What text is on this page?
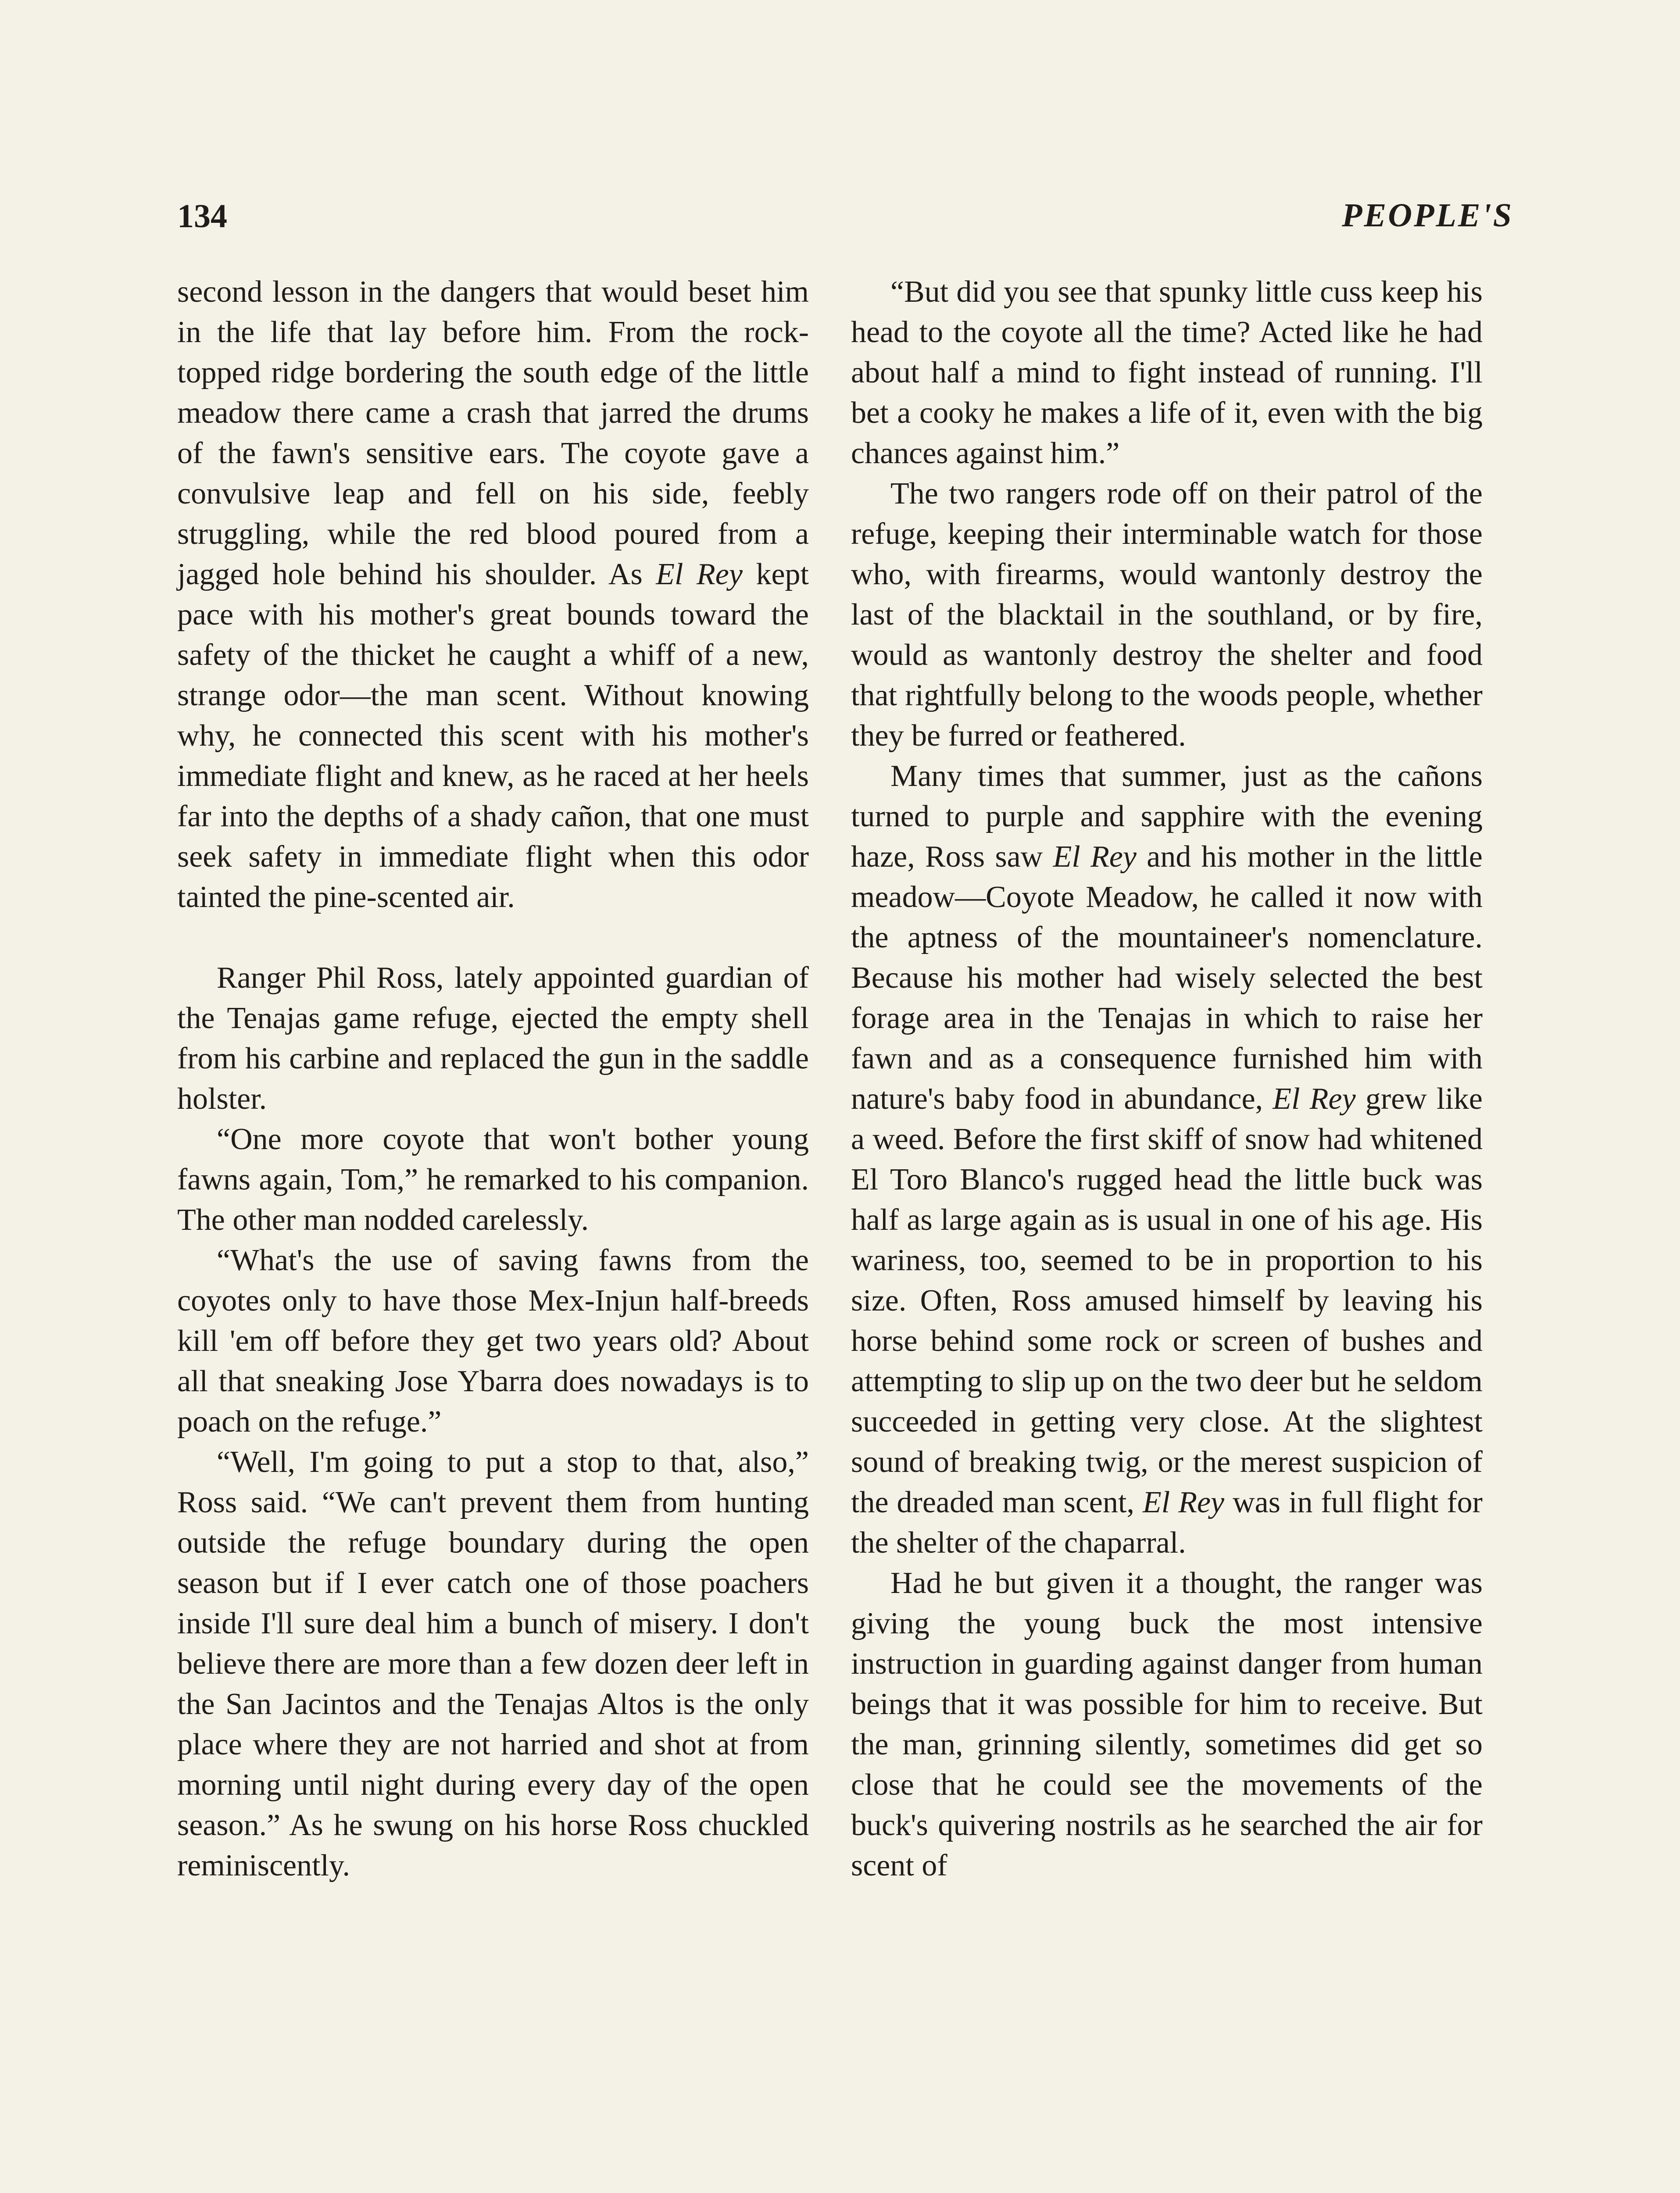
134	PEOPLE'S

second lesson in the dangers that would beset him in the life that lay before him. From the rock-topped ridge bordering the south edge of the little meadow there came a crash that jarred the drums of the fawn's sensitive ears. The coyote gave a convulsive leap and fell on his side, feebly struggling, while the red blood poured from a jagged hole behind his shoulder. As El Rey kept pace with his mother's great bounds toward the safety of the thicket he caught a whiff of a new, strange odor—the man scent. Without knowing why, he connected this scent with his mother's immediate flight and knew, as he raced at her heels far into the depths of a shady cañon, that one must seek safety in immediate flight when this odor tainted the pine-scented air.

Ranger Phil Ross, lately appointed guardian of the Tenajas game refuge, ejected the empty shell from his carbine and replaced the gun in the saddle holster.

“One more coyote that won't bother young fawns again, Tom,” he remarked to his companion. The other man nodded carelessly.

“What's the use of saving fawns from the coyotes only to have those Mex-Injun half-breeds kill 'em off before they get two years old? About all that sneaking Jose Ybarra does nowadays is to poach on the refuge.”

“Well, I'm going to put a stop to that, also,” Ross said. “We can't prevent them from hunting outside the refuge boundary during the open season but if I ever catch one of those poachers inside I'll sure deal him a bunch of misery. I don't believe there are more than a few dozen deer left in the San Jacintos and the Tenajas Altos is the only place where they are not harried and shot at from morning until night during every day of the open season.” As he swung on his horse Ross chuckled reminiscently.

“But did you see that spunky little cuss keep his head to the coyote all the time? Acted like he had about half a mind to fight instead of running. I'll bet a cooky he makes a life of it, even with the big chances against him.”

The two rangers rode off on their patrol of the refuge, keeping their interminable watch for those who, with firearms, would wantonly destroy the last of the blacktail in the southland, or by fire, would as wantonly destroy the shelter and food that rightfully belong to the woods people, whether they be furred or feathered.

Many times that summer, just as the cañons turned to purple and sapphire with the evening haze, Ross saw El Rey and his mother in the little meadow—Coyote Meadow, he called it now with the aptness of the mountaineer's nomenclature. Because his mother had wisely selected the best forage area in the Tenajas in which to raise her fawn and as a consequence furnished him with nature's baby food in abundance, El Rey grew like a weed. Before the first skiff of snow had whitened El Toro Blanco's rugged head the little buck was half as large again as is usual in one of his age. His wariness, too, seemed to be in proportion to his size. Often, Ross amused himself by leaving his horse behind some rock or screen of bushes and attempting to slip up on the two deer but he seldom succeeded in getting very close. At the slightest sound of breaking twig, or the merest suspicion of the dreaded man scent, El Rey was in full flight for the shelter of the chaparral.

Had he but given it a thought, the ranger was giving the young buck the most intensive instruction in guarding against danger from human beings that it was possible for him to receive. But the man, grinning silently, sometimes did get so close that he could see the movements of the buck's quivering nostrils as he searched the air for scent of
